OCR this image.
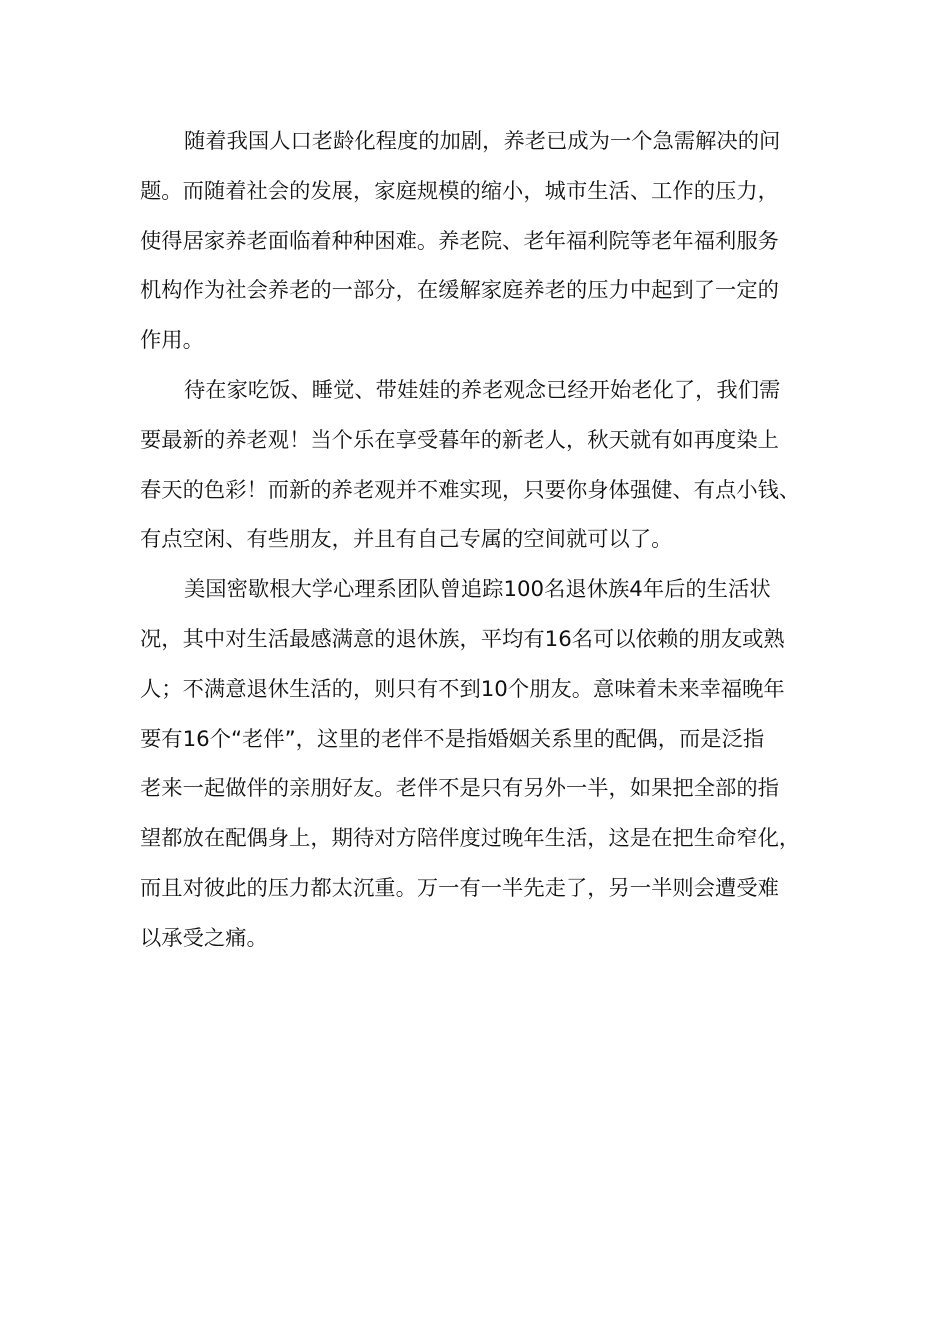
随着我国人口老龄化程度的加剧，养老已成为一个急需解决的问
题。而随着社会的发展，家庭规模的缩小，城市生活、工作的压力，
使得居家养老面临着种种困难。养老院、老年福利院等老年福利服务
机构作为社会养老的一部分，在缓解家庭养老的压力中起到了一定的
作用。
待在家吃饭、睡觉、带娃娃的养老观念已经开始老化了，我们需
要最新的养老观！当个乐在享受暮年的新老人，秋天就有如再度染上
春天的色彩！而新的养老观并不难实现，只要你身体强健、有点小钱、
有点空闲、有些朋友，并且有自己专属的空间就可以了。
美国密歇根大学心理系团队曾追踪100名退休族4年后的生活状
况，其中对生活最感满意的退休族，平均有16名可以依赖的朋友或熟
人；不满意退休生活的，则只有不到10个朋友。意味着未来幸福晚年
要有16个“老伴”，这里的老伴不是指婚姻关系里的配偶，而是泛指
老来一起做伴的亲朋好友。老伴不是只有另外一半，如果把全部的指
望都放在配偶身上，期待对方陪伴度过晚年生活，这是在把生命窄化，
而且对彼此的压力都太沉重。万一有一半先走了，另一半则会遭受难
以承受之痛。
